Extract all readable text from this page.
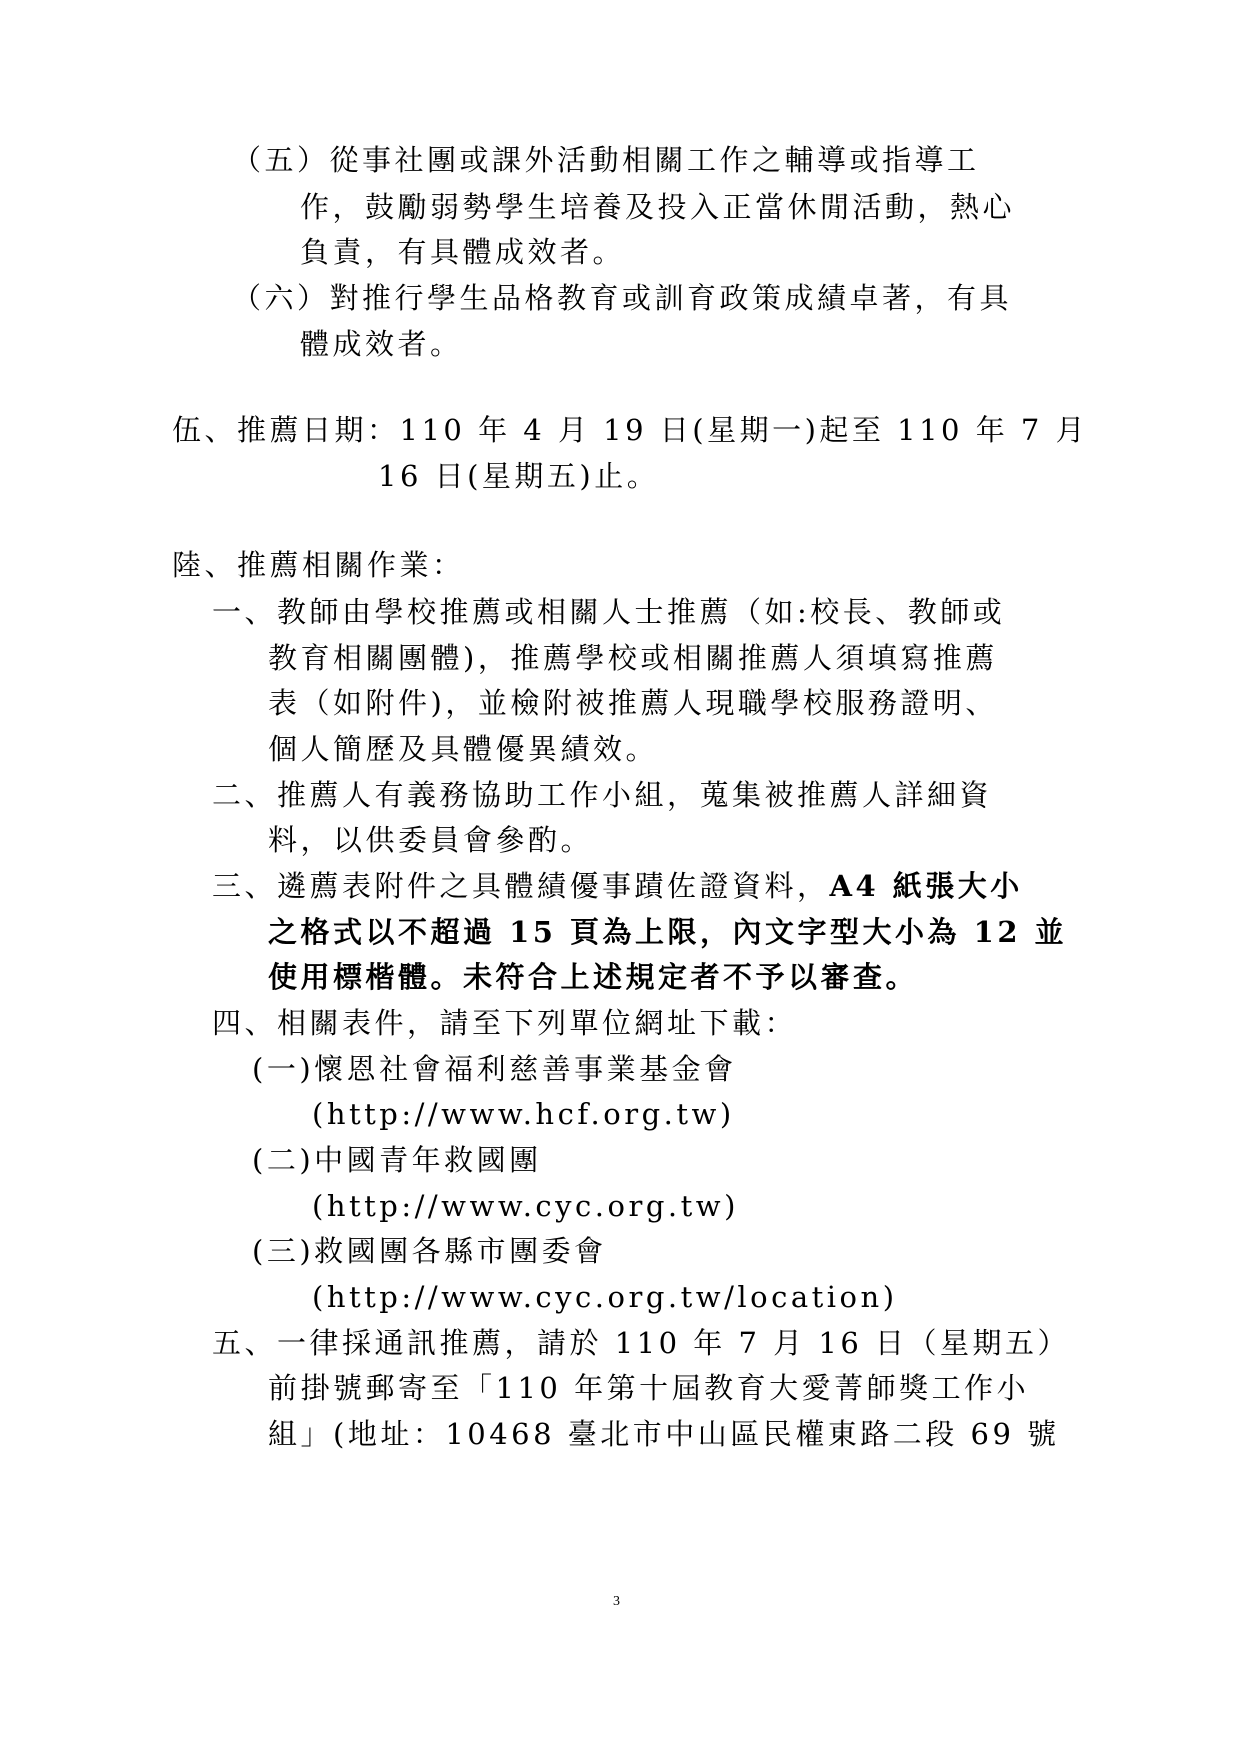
（五）從事社團或課外活動相關工作之輔導或指導工
作，鼓勵弱勢學生培養及投入正當休閒活動，熱心
負責，有具體成效者。
（六）對推行學生品格教育或訓育政策成績卓著，有具
體成效者。
伍、推薦日期：110 年 4 月 19 日(星期一)起至 110 年 7 月
16 日(星期五)止。
陸、推薦相關作業：
一、教師由學校推薦或相關人士推薦（如:校長、教師或
教育相關團體)，推薦學校或相關推薦人須填寫推薦
表（如附件)，並檢附被推薦人現職學校服務證明、
個人簡歷及具體優異績效。
二、推薦人有義務協助工作小組，蒐集被推薦人詳細資
料，以供委員會參酌。
三、遴薦表附件之具體績優事蹟佐證資料，A4 紙張大小
之格式以不超過 15 頁為上限，內文字型大小為 12 並
使用標楷體。未符合上述規定者不予以審查。
四、相關表件，請至下列單位網址下載：
(一)懷恩社會福利慈善事業基金會
(http://www.hcf.org.tw)
(二)中國青年救國團
(http://www.cyc.org.tw)
(三)救國團各縣市團委會
(http://www.cyc.org.tw/location)
五、一律採通訊推薦，請於 110 年 7 月 16 日（星期五）
前掛號郵寄至「110 年第十屆教育大愛菁師獎工作小
組」(地址：10468 臺北市中山區民權東路二段 69 號
3
